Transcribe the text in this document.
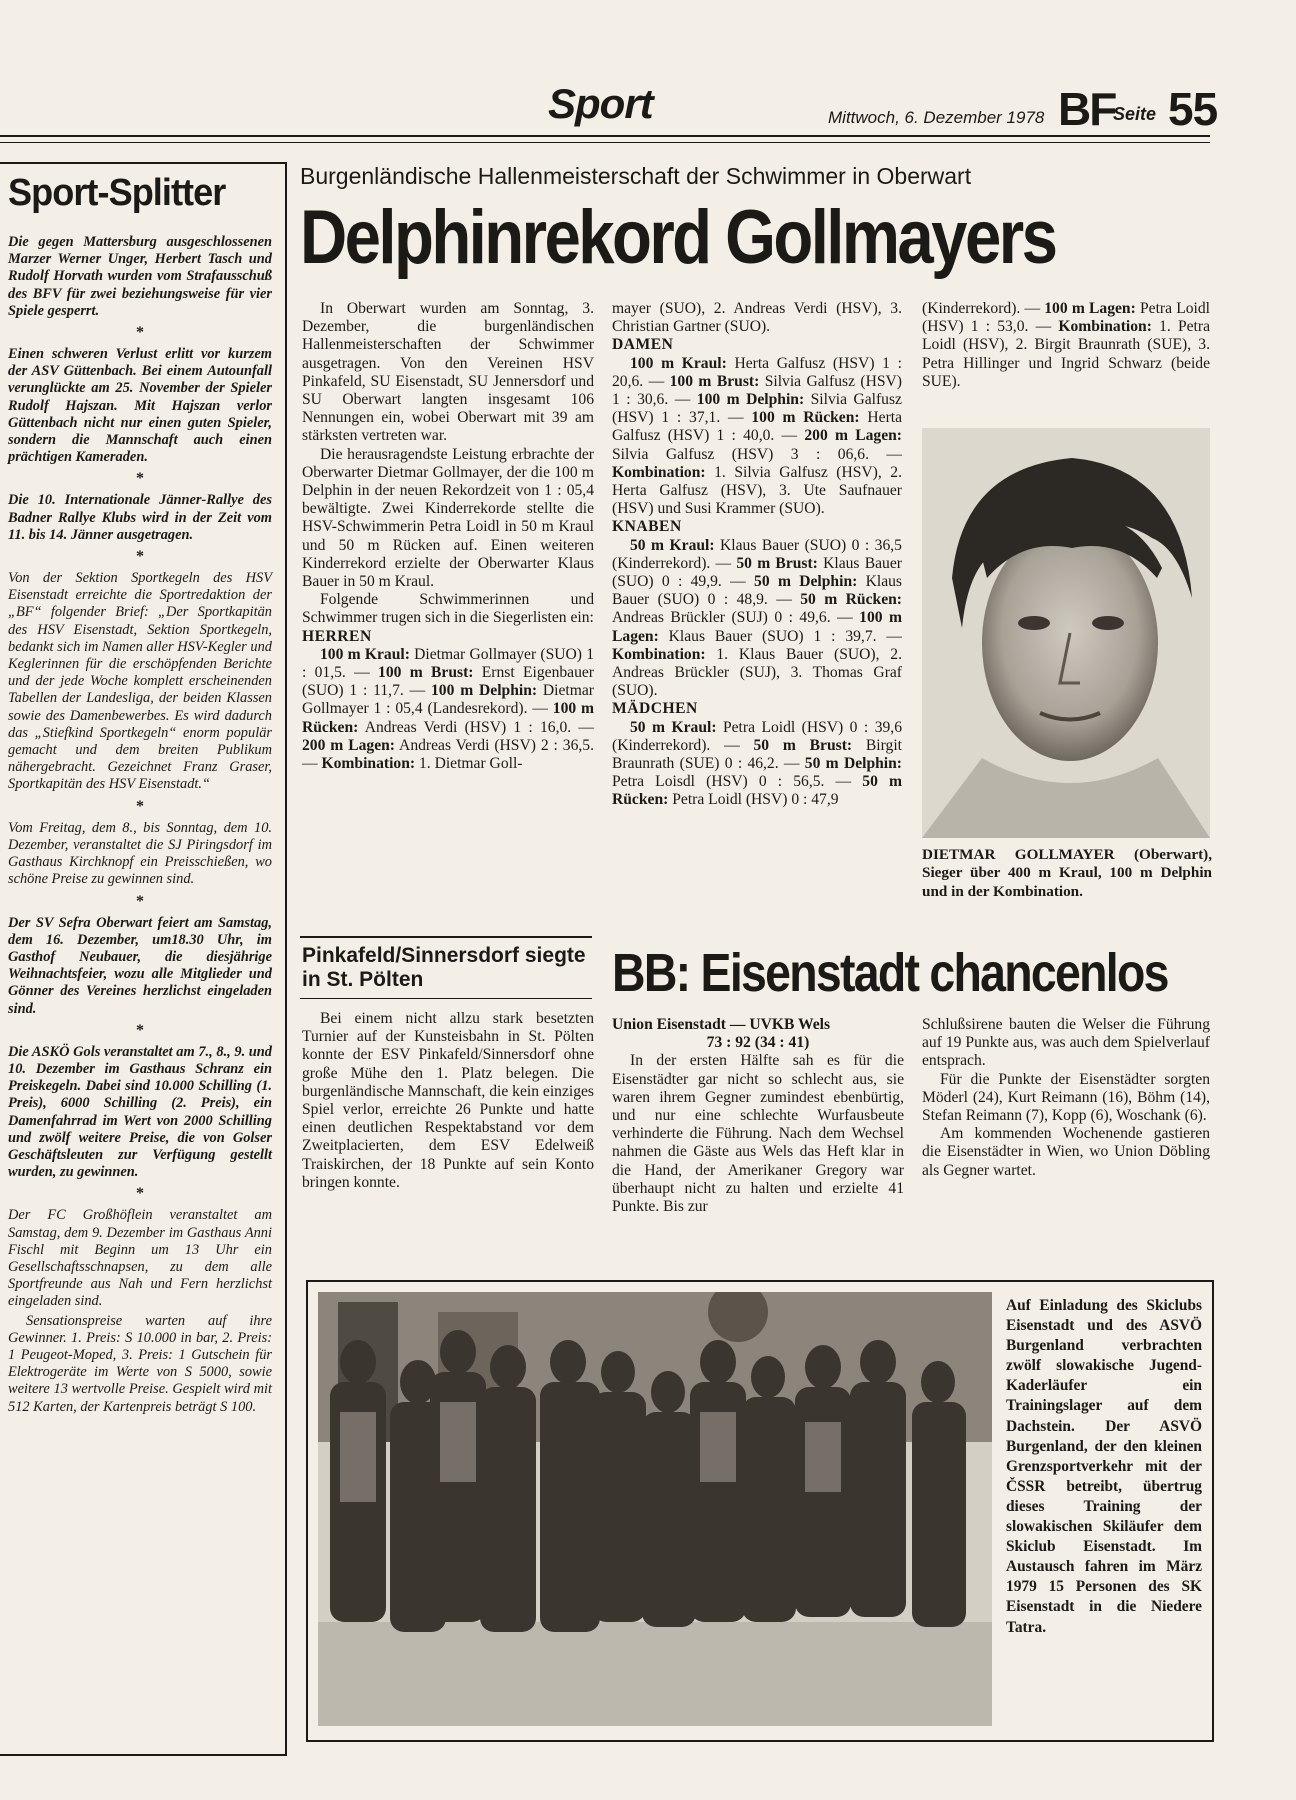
Sport	Mittwoch, 6. Dezember 1978 BF
Seite 55
Sport-Splitter

Die gegen Mattersburg ausgeschlossenen Marzer Werner Unger, Herbert Tasch und Rudolf Horvath wurden vom Strafausschuß des BFV für zwei beziehungsweise für vier Spiele gesperrt.

*

Einen schweren Verlust erlitt vor kurzem der ASV Güttenbach. Bei einem Autounfall verunglückte am 25. November der Spieler Rudolf Hajszan. Mit Hajszan verlor Güttenbach nicht nur einen guten Spieler, sondern die Mannschaft auch einen prächtigen Kameraden.

*

Die 10. Internationale Jänner-Rallye des Badner Rallye Klubs wird in der Zeit vom 11. bis 14. Jänner ausgetragen.

*

Von der Sektion Sportkegeln des HSV Eisenstadt erreichte die Sportredaktion der „BF“ folgender Brief: „Der Sportkapitän des HSV Eisenstadt, Sektion Sportkegeln, bedankt sich im Namen aller HSV-Kegler und Keglerinnen für die erschöpfenden Berichte und der jede Woche komplett erscheinenden Tabellen der Landesliga, der beiden Klassen sowie des Damenbewerbes. Es wird dadurch das „Stiefkind Sportkegeln“ enorm populär gemacht und dem breiten Publikum nähergebracht. Gezeichnet Franz Graser, Sportkapitän des HSV Eisenstadt.“

*

Vom Freitag, dem 8., bis Sonntag, dem 10. Dezember, veranstaltet die SJ Piringsdorf im Gasthaus Kirchknopf ein Preisschießen, wo schöne Preise zu gewinnen sind.

*

Der SV Sefra Oberwart feiert am Samstag, dem 16. Dezember, um18.30 Uhr, im Gasthof Neubauer, die diesjährige Weihnachtsfeier, wozu alle Mitglieder und Gönner des Vereines herzlichst eingeladen sind.

*

Die ASKÖ Gols veranstaltet am 7., 8., 9. und 10. Dezember im Gasthaus Schranz ein Preiskegeln. Dabei sind 10.000 Schilling (1. Preis), 6000 Schilling (2. Preis), ein Damenfahrrad im Wert von 2000 Schilling und zwölf weitere Preise, die von Golser Geschäftsleuten zur Verfügung gestellt wurden, zu gewinnen.

*

Der FC Großhöflein veranstaltet am Samstag, dem 9. Dezember im Gasthaus Anni Fischl mit Beginn um 13 Uhr ein Gesellschaftsschnapsen, zu dem alle Sportfreunde aus Nah und Fern herzlichst eingeladen sind.

Sensationspreise warten auf ihre Gewinner. 1. Preis: S 10.000 in bar, 2. Preis: 1 Peugeot-Moped, 3. Preis: 1 Gutschein für Elektrogeräte im Werte von S 5000, sowie weitere 13 wertvolle Preise. Gespielt wird mit 512 Karten, der Kartenpreis beträgt S 100.

Burgenländische Hallenmeisterschaft der Schwimmer in Oberwart
Delphinrekord Gollmayers

In Oberwart wurden am Sonntag, 3. Dezember, die burgenländischen Hallenmeisterschaften der Schwimmer ausgetragen. Von den Vereinen HSV Pinkafeld, SU Eisenstadt, SU Jennersdorf und SU Oberwart langten insgesamt 106 Nennungen ein, wobei Oberwart mit 39 am stärksten vertreten war.

Die herausragendste Leistung erbrachte der Oberwarter Dietmar Gollmayer, der die 100 m Delphin in der neuen Rekordzeit von 1 : 05,4 bewältigte. Zwei Kinderrekorde stellte die HSV-Schwimmerin Petra Loidl in 50 m Kraul und 50 m Rücken auf. Einen weiteren Kinderrekord erzielte der Oberwarter Klaus Bauer in 50 m Kraul.

Folgende Schwimmerinnen und Schwimmer trugen sich in die Siegerlisten ein:

HERREN

100 m Kraul: Dietmar Gollmayer (SUO) 1 : 01,5. — 100 m Brust: Ernst Eigenbauer (SUO) 1 : 11,7. — 100 m Delphin: Dietmar Gollmayer 1 : 05,4 (Landesrekord). — 100 m Rücken: Andreas Verdi (HSV) 1 : 16,0. — 200 m Lagen: Andreas Verdi (HSV) 2 : 36,5. — Kombination: 1. Dietmar Goll-

mayer (SUO), 2. Andreas Verdi (HSV), 3. Christian Gartner (SUO).

DAMEN

100 m Kraul: Herta Galfusz (HSV) 1 : 20,6. — 100 m Brust: Silvia Galfusz (HSV) 1 : 30,6. — 100 m Delphin: Silvia Galfusz (HSV) 1 : 37,1. — 100 m Rücken: Herta Galfusz (HSV) 1 : 40,0. — 200 m Lagen: Silvia Galfusz (HSV) 3 : 06,6. — Kombination: 1. Silvia Galfusz (HSV), 2. Herta Galfusz (HSV), 3. Ute Saufnauer (HSV) und Susi Krammer (SUO).

KNABEN

50 m Kraul: Klaus Bauer (SUO) 0 : 36,5 (Kinderrekord). — 50 m Brust: Klaus Bauer (SUO) 0 : 49,9. — 50 m Delphin: Klaus Bauer (SUO) 0 : 48,9. — 50 m Rücken: Andreas Brückler (SUJ) 0 : 49,6. — 100 m Lagen: Klaus Bauer (SUO) 1 : 39,7. — Kombination: 1. Klaus Bauer (SUO), 2. Andreas Brückler (SUJ), 3. Thomas Graf (SUO).

MÄDCHEN

50 m Kraul: Petra Loidl (HSV) 0 : 39,6 (Kinderrekord). — 50 m Brust: Birgit Braunrath (SUE) 0 : 46,2. — 50 m Delphin: Petra Loisdl (HSV) 0 : 56,5. — 50 m Rücken: Petra Loidl (HSV) 0 : 47,9

(Kinderrekord). — 100 m Lagen: Petra Loidl (HSV) 1 : 53,0. — Kombination: 1. Petra Loidl (HSV), 2. Birgit Braunrath (SUE), 3. Petra Hillinger und Ingrid Schwarz (beide SUE).

DIETMAR GOLLMAYER (Oberwart), Sieger über 400 m Kraul, 100 m Delphin und in der Kombination.
Pinkafeld/Sinnersdorf siegte in St. Pölten

Bei einem nicht allzu stark besetzten Turnier auf der Kunsteisbahn in St. Pölten konnte der ESV Pinkafeld/Sinnersdorf ohne große Mühe den 1. Platz belegen. Die burgenländische Mannschaft, die kein einziges Spiel verlor, erreichte 26 Punkte und hatte einen deutlichen Respektabstand vor dem Zweitplacierten, dem ESV Edelweiß Traiskirchen, der 18 Punkte auf sein Konto bringen konnte.

BB: Eisenstadt chancenlos

Union Eisenstadt — UVKB Wels

73 : 92 (34 : 41)

In der ersten Hälfte sah es für die Eisenstädter gar nicht so schlecht aus, sie waren ihrem Gegner zumindest ebenbürtig, und nur eine schlechte Wurfausbeute verhinderte die Führung. Nach dem Wechsel nahmen die Gäste aus Wels das Heft klar in die Hand, der Amerikaner Gregory war überhaupt nicht zu halten und erzielte 41 Punkte. Bis zur

Schlußsirene bauten die Welser die Führung auf 19 Punkte aus, was auch dem Spielverlauf entsprach.

Für die Punkte der Eisenstädter sorgten Möderl (24), Kurt Reimann (16), Böhm (14), Stefan Reimann (7), Kopp (6), Woschank (6).

Am kommenden Wochenende gastieren die Eisenstädter in Wien, wo Union Döbling als Gegner wartet.

Auf Einladung des Skiclubs Eisenstadt und des ASVÖ Burgenland verbrachten zwölf slowakische Jugend-Kaderläufer ein Trainingslager auf dem Dachstein. Der ASVÖ Burgenland, der den kleinen Grenzsportverkehr mit der ČSSR betreibt, übertrug dieses Training der slowakischen Skiläufer dem Skiclub Eisenstadt. Im Austausch fahren im März 1979 15 Personen des SK Eisenstadt in die Niedere Tatra.
